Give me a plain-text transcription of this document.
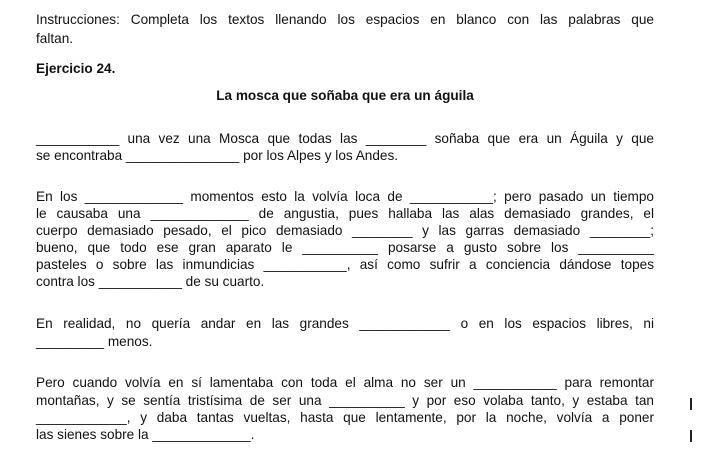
Instrucciones: Completa los textos llenando los espacios en blanco con las palabras que
faltan.
Ejercicio 24.
La mosca que soñaba que era un águila
___________ una vez una Mosca que todas las ________ soñaba que era un Águila y que
se encontraba _______________ por los Alpes y los Andes.
En los _____________ momentos esto la volvía loca de ___________; pero pasado un tiempo
le causaba una _____________ de angustia, pues hallaba las alas demasiado grandes, el
cuerpo demasiado pesado, el pico demasiado ________ y las garras demasiado ________;
bueno, que todo ese gran aparato le __________ posarse a gusto sobre los __________
pasteles o sobre las inmundicias ___________, así como sufrir a conciencia dándose topes
contra los ___________ de su cuarto.
En realidad, no quería andar en las grandes ____________ o en los espacios libres, ni
_________ menos.
Pero cuando volvía en sí lamentaba con toda el alma no ser un ___________ para remontar
montañas, y se sentía tristísima de ser una __________ y por eso volaba tanto, y estaba tan
____________, y daba tantas vueltas, hasta que lentamente, por la noche, volvía a poner
las sienes sobre la _____________.
